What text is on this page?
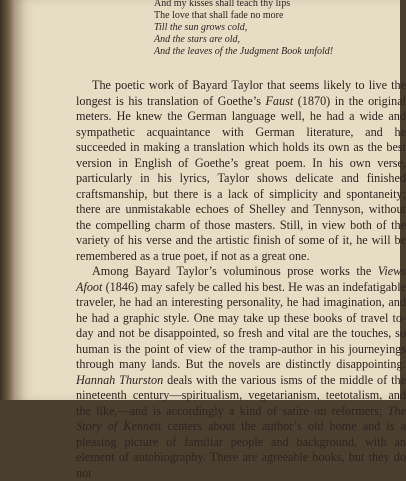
And my kisses shall teach thy lips
The love that shall fade no more
Till the sun grows cold,
And the stars are old,
And the leaves of the Judgment Book unfold!

The poetic work of Bayard Taylor that seems likely to live the longest is his translation of Goethe’s Faust (1870) in the original meters. He knew the German language well, he had a wide and sympathetic acquaintance with German literature, and he succeeded in making a translation which holds its own as the best version in English of Goethe’s great poem. In his own verse, particularly in his lyrics, Taylor shows delicate and finished craftsmanship, but there is a lack of simplicity and spontaneity; there are unmistakable echoes of Shelley and Tennyson, without the compelling charm of those masters. Still, in view both of the variety of his verse and the artistic finish of some of it, he will be remembered as a true poet, if not as a great one.

Among Bayard Taylor’s voluminous prose works the Views Afoot (1846) may safely be called his best. He was an indefatigable traveler, he had an interesting personality, he had imagination, and he had a graphic style. One may take up these books of travel to-day and not be disappointed, so fresh and vital are the touches, so human is the point of view of the tramp-author in his journeyings through many lands. But the novels are distinctly disappointing: Hannah Thurston deals with the various isms of the middle of the nineteenth century—spiritualism, vegetarianism, teetotalism, and the like,—and is accordingly a kind of satire on reformers; The Story of Kennett centers about the author’s old home and is a pleasing picture of familiar people and background, with an element of autobiography. There are agreeable books, but they do not
